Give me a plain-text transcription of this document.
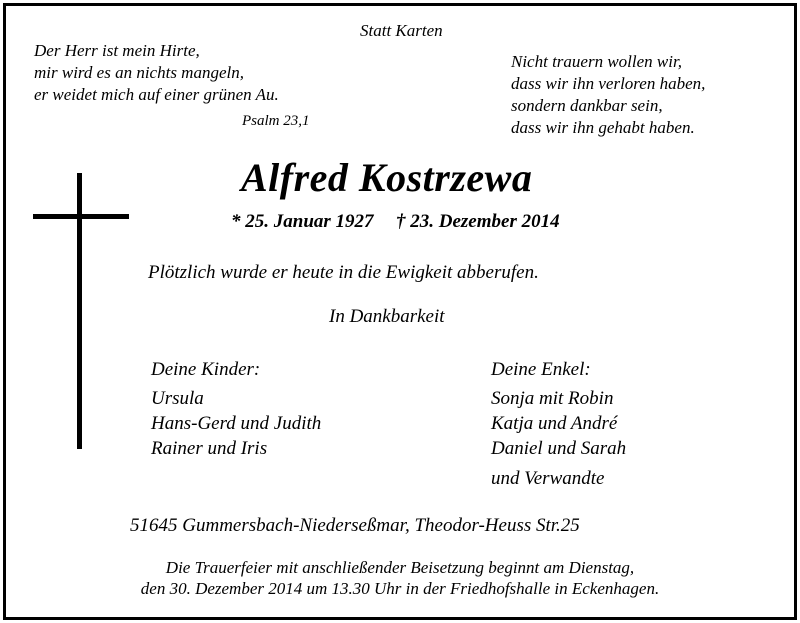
Statt Karten
Der Herr ist mein Hirte,
mir wird es an nichts mangeln,
er weidet mich auf einer grünen Au.
Psalm 23,1
Nicht trauern wollen wir,
dass wir ihn verloren haben,
sondern dankbar sein,
dass wir ihn gehabt haben.
Alfred Kostrzewa
* 25. Januar 1927 † 23. Dezember 2014
Plötzlich wurde er heute in die Ewigkeit abberufen.
In Dankbarkeit
Deine Kinder:
Ursula
Hans-Gerd und Judith
Rainer und Iris
Deine Enkel:
Sonja mit Robin
Katja und André
Daniel und Sarah
und Verwandte
51645 Gummersbach-Niederseßmar, Theodor-Heuss Str.25
Die Trauerfeier mit anschließender Beisetzung beginnt am Dienstag,
den 30. Dezember 2014 um 13.30 Uhr in der Friedhofshalle in Eckenhagen.
